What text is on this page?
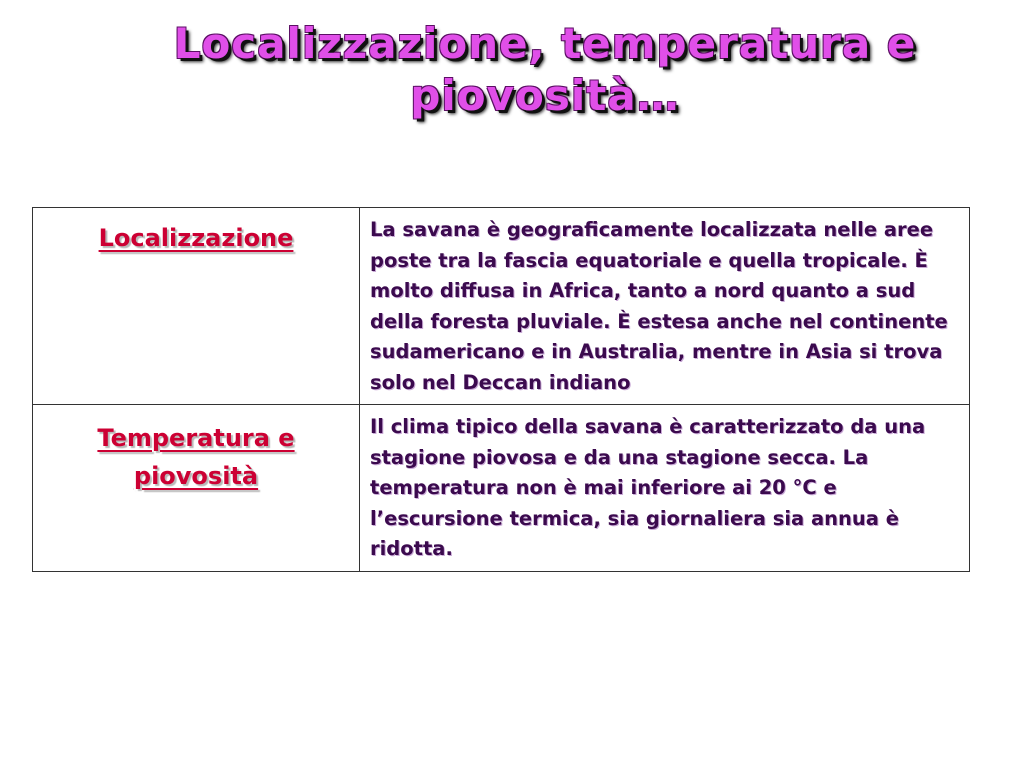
Localizzazione, temperatura e
piovosità…
Localizzazione	La savana è geograficamente localizzata nelle aree poste tra la fascia equatoriale e quella tropicale. È molto diffusa in Africa, tanto a nord quanto a sud della foresta pluviale. È estesa anche nel continente sudamericano e in Australia, mentre in Asia si trova solo nel Deccan indiano

Temperatura e piovosità	Il clima tipico della savana è caratterizzato da una stagione piovosa e da una stagione secca. La temperatura non è mai inferiore ai 20 °C e l’escursione termica, sia giornaliera sia annua è ridotta.
